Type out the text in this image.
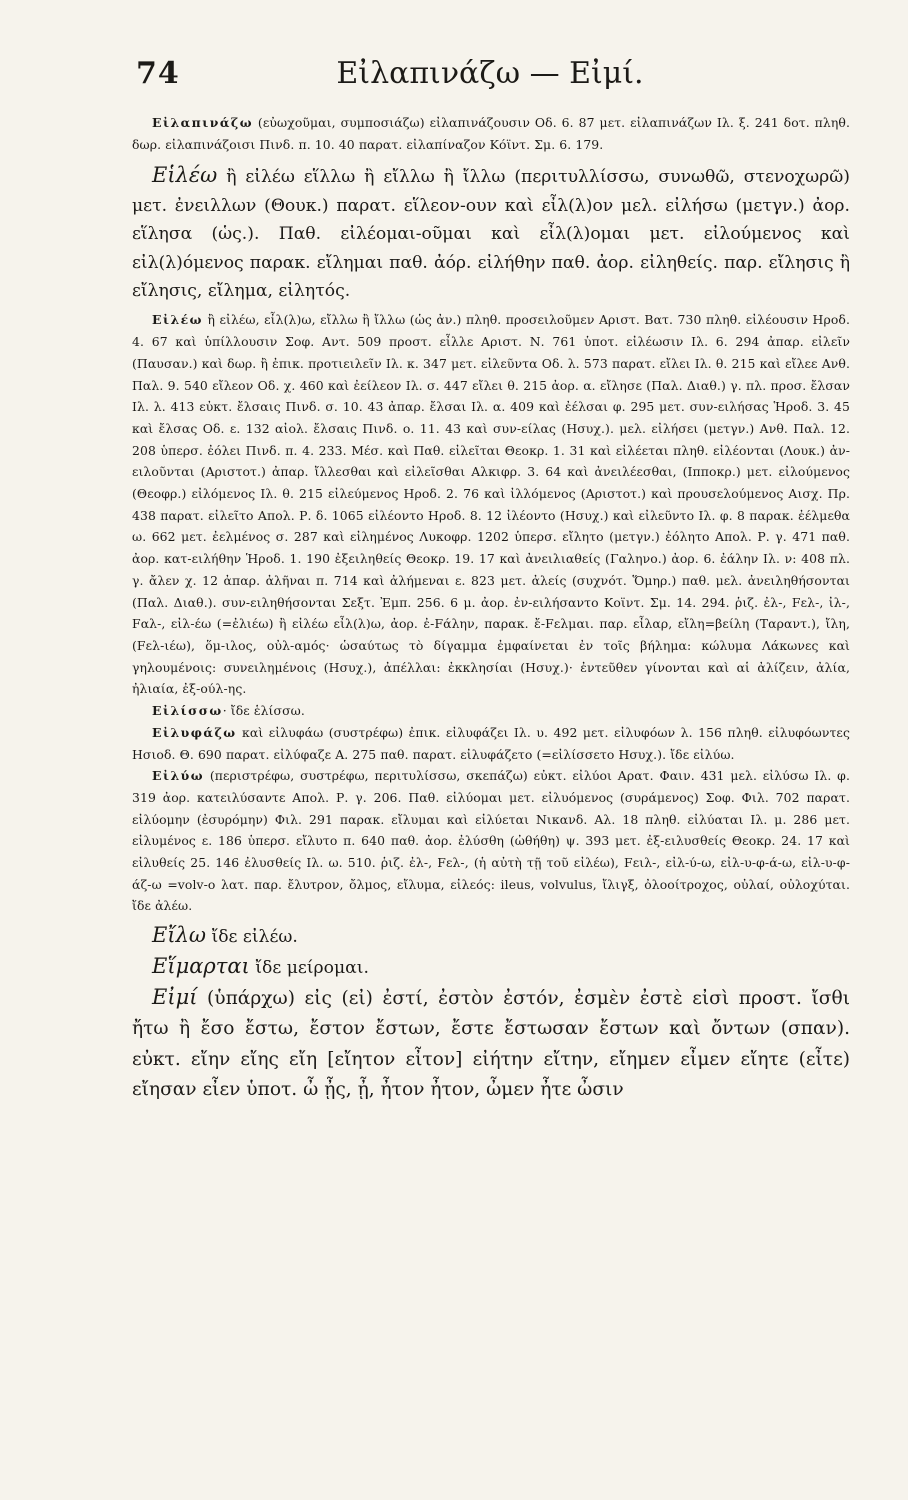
74	Εἰλαπινάζω — Εἰμί.

Εἰλαπινάζω (εὐωχοῦμαι, συμποσιάζω) εἰλαπινάζουσιν Οδ. 6. 87 μετ. εἰλαπινάζων Ιλ. ξ. 241 δοτ. πληθ. δωρ. εἰλαπινάζοισι Πινδ. π. 10. 40 παρατ. εἰλαπίναζον Κόϊντ. Σμ. 6. 179.

Εἱλέω ἢ εἰλέω εἵλλω ἢ εἴλλω ἢ ἴλλω (περιτυλλίσσω, συνωθῶ, στενοχωρῶ) μετ. ἐνειλλων (Θουκ.) παρατ. εἵλεον-ουν καὶ εἶλ(λ)ον μελ. εἰλήσω (μετγν.) ἀορ. εἵλησα (ὡς.). Παθ. εἰλέομαι-οῦμαι καὶ εἶλ(λ)ομαι μετ. εἰλούμενος καὶ εἰλ(λ)όμενος παρακ. εἴλημαι παθ. ἀόρ. εἰλήθην παθ. ἀορ. εἰληθείς. παρ. εἴλησις ἢ εἴλησις, εἴλημα, εἰλητός.

Εἰλέω ἢ εἰλέω, εἶλ(λ)ω, εἴλλω ἢ ἴλλω (ὡς ἀν.) πληθ. προσειλοῦμεν Αριστ. Βατ. 730 πληθ. εἰλέουσιν Ηροδ. 4. 67 καὶ ὑπίλλουσιν Σοφ. Αντ. 509 προστ. εἶλλε Αριστ. Ν. 761 ὑποτ. εἰλέωσιν Ιλ. 6. 294 ἀπαρ. εἰλεῖν (Παυσαν.) καὶ δωρ. ἢ ἐπικ. προτιειλεῖν Ιλ. κ. 347 μετ. εἰλεῦντα Οδ. λ. 573 παρατ. εἴλει Ιλ. θ. 215 καὶ εἴλεε Ανθ. Παλ. 9. 540 εἴλεον Οδ. χ. 460 καὶ ἐείλεον Ιλ. σ. 447 εἴλει θ. 215 ἀορ. α. εἴλησε (Παλ. Διαθ.) γ. πλ. προσ. ἔλσαν Ιλ. λ. 413 εὐκτ. ἔλσαις Πινδ. σ. 10. 43 ἀπαρ. ἔλσαι Ιλ. α. 409 καὶ ἐέλσαι φ. 295 μετ. συν-ειλήσας Ἡροδ. 3. 45 καὶ ἔλσας Οδ. ε. 132 αἰολ. ἔλσαις Πινδ. ο. 11. 43 καὶ συν-είλας (Ησυχ.). μελ. εἰλήσει (μετγν.) Ανθ. Παλ. 12. 208 ὑπερσ. ἐόλει Πινδ. π. 4. 233. Μέσ. καὶ Παθ. εἰλεῖται Θεοκρ. 1. 31 καὶ εἰλέεται πληθ. εἰλέονται (Λουκ.) ἀν-ειλοῦνται (Αριστοτ.) ἀπαρ. ἴλλεσθαι καὶ εἰλεῖσθαι Αλκιφρ. 3. 64 καὶ ἀνειλέεσθαι, (Ιπποκρ.) μετ. εἰλούμενος (Θεοφρ.) εἰλόμενος Ιλ. θ. 215 εἰλεύμενος Ηροδ. 2. 76 καὶ ἰλλόμενος (Αριστοτ.) καὶ προυσελούμενος Αισχ. Πρ. 438 παρατ. εἰλεῖτο Απολ. Ρ. δ. 1065 εἰλέοντο Ηροδ. 8. 12 ἰλέοντο (Ησυχ.) καὶ εἰλεῦντο Ιλ. φ. 8 παρακ. ἐέλμεθα ω. 662 μετ. ἐελμένος σ. 287 καὶ εἰλημένος Λυκοφρ. 1202 ὑπερσ. εἴλητο (μετγν.) ἐόλητο Απολ. Ρ. γ. 471 παθ. ἀορ. κατ-ειλήθην Ἡροδ. 1. 190 ἐξειληθείς Θεοκρ. 19. 17 καὶ ἀνειλιαθείς (Γαληνο.) ἀορ. 6. ἐάλην Ιλ. ν: 408 πλ. γ. ἄλεν χ. 12 ἀπαρ. ἀλῆναι π. 714 καὶ ἀλήμεναι ε. 823 μετ. ἀλείς (συχνότ. Ὅμηρ.) παθ. μελ. ἀνειληθήσονται (Παλ. Διαθ.). συν-ειληθήσονται Σεξτ. Ἐμπ. 256. 6 μ. ἀορ. ἐν-ειλήσαντο Κοϊντ. Σμ. 14. 294. ῥιζ. ἐλ-, Fελ-, ἰλ-, Fαλ-, εἰλ-έω (=ἐλιέω) ἢ εἰλέω εἶλ(λ)ω, ἀορ. ἐ-Fάλην, παρακ. ἔ-Fελμαι. παρ. εἶλαρ, εἴλη=βείλη (Ταραντ.), ἴλη, (Fελ-ιέω), ὅμ-ιλος, οὐλ-αμός· ὡσαύτως τὸ δίγαμμα ἐμφαίνεται ἐν τοῖς βήλημα: κώλυμα Λάκωνες καὶ γηλουμένοις: συνειλημένοις (Ησυχ.), ἀπέλλαι: ἐκκλησίαι (Ησυχ.)· ἐντεῦθεν γίνονται καὶ αἱ ἀλίζειν, ἀλία, ἠλιαία, ἐξ-ούλ-ης.

Εἰλίσσω· ἴδε ἑλίσσω.

Εἰλυφάζω καὶ εἰλυφάω (συστρέφω) ἐπικ. εἰλυφάζει Ιλ. υ. 492 μετ. εἰλυφόων λ. 156 πληθ. εἰλυφόωντες Ησιοδ. Θ. 690 παρατ. εἰλύφαζε Α. 275 παθ. παρατ. εἰλυφάζετο (=εἰλίσσετο Ησυχ.). ἴδε εἰλύω.

Εἰλύω (περιστρέφω, συστρέφω, περιτυλίσσω, σκεπάζω) εὐκτ. εἰλύοι Αρατ. Φαιν. 431 μελ. εἰλύσω Ιλ. φ. 319 ἀορ. κατειλύσαντε Απολ. Ρ. γ. 206. Παθ. εἰλύομαι μετ. εἰλυόμενος (συράμενος) Σοφ. Φιλ. 702 παρατ. εἰλύομην (ἐσυρόμην) Φιλ. 291 παρακ. εἴλυμαι καὶ εἰλύεται Νικανδ. Αλ. 18 πληθ. εἰλύαται Ιλ. μ. 286 μετ. εἰλυμένος ε. 186 ὑπερσ. εἴλυτο π. 640 παθ. ἀορ. ἐλύσθη (ὠθήθη) ψ. 393 μετ. ἐξ-ειλυσθείς Θεοκρ. 24. 17 καὶ εἰλυθείς 25. 146 ἐλυσθείς Ιλ. ω. 510. ῥιζ. ἐλ-, Fελ-, (ἡ αὐτὴ τῇ τοῦ εἰλέω), Fειλ-, εἰλ-ύ-ω, εἰλ-υ-φ-ά-ω, εἰλ-υ-φ-άζ-ω =volv-o λατ. παρ. ἔλυτρον, ὄλμος, εἴλυμα, εἰλεός: ileus, volvulus, ἴλιγξ, ὀλοοίτροχος, οὐλαί, οὐλοχύται. ἴδε ἀλέω.

Εἴλω ἴδε εἰλέω.

Εἵμαρται ἴδε μείρομαι.

Εἰμί (ὑπάρχω) εἰς (εἰ) ἐστί, ἐστὸν ἐστόν, ἐσμὲν ἐστὲ εἰσὶ προστ. ἴσθι ἤτω ἢ ἔσο ἔστω, ἔστον ἔστων, ἔστε ἔστωσαν ἔστων καὶ ὄντων (σπαν). εὐκτ. εἴην εἴης εἴη [εἴητον εἶτον] εἰήτην εἴτην, εἴημεν εἶμεν εἴητε (εἶτε) εἴησαν εἶεν ὑποτ. ὦ ᾖς, ᾖ, ἦτον ἦτον, ὦμεν ἦτε ὦσιν
